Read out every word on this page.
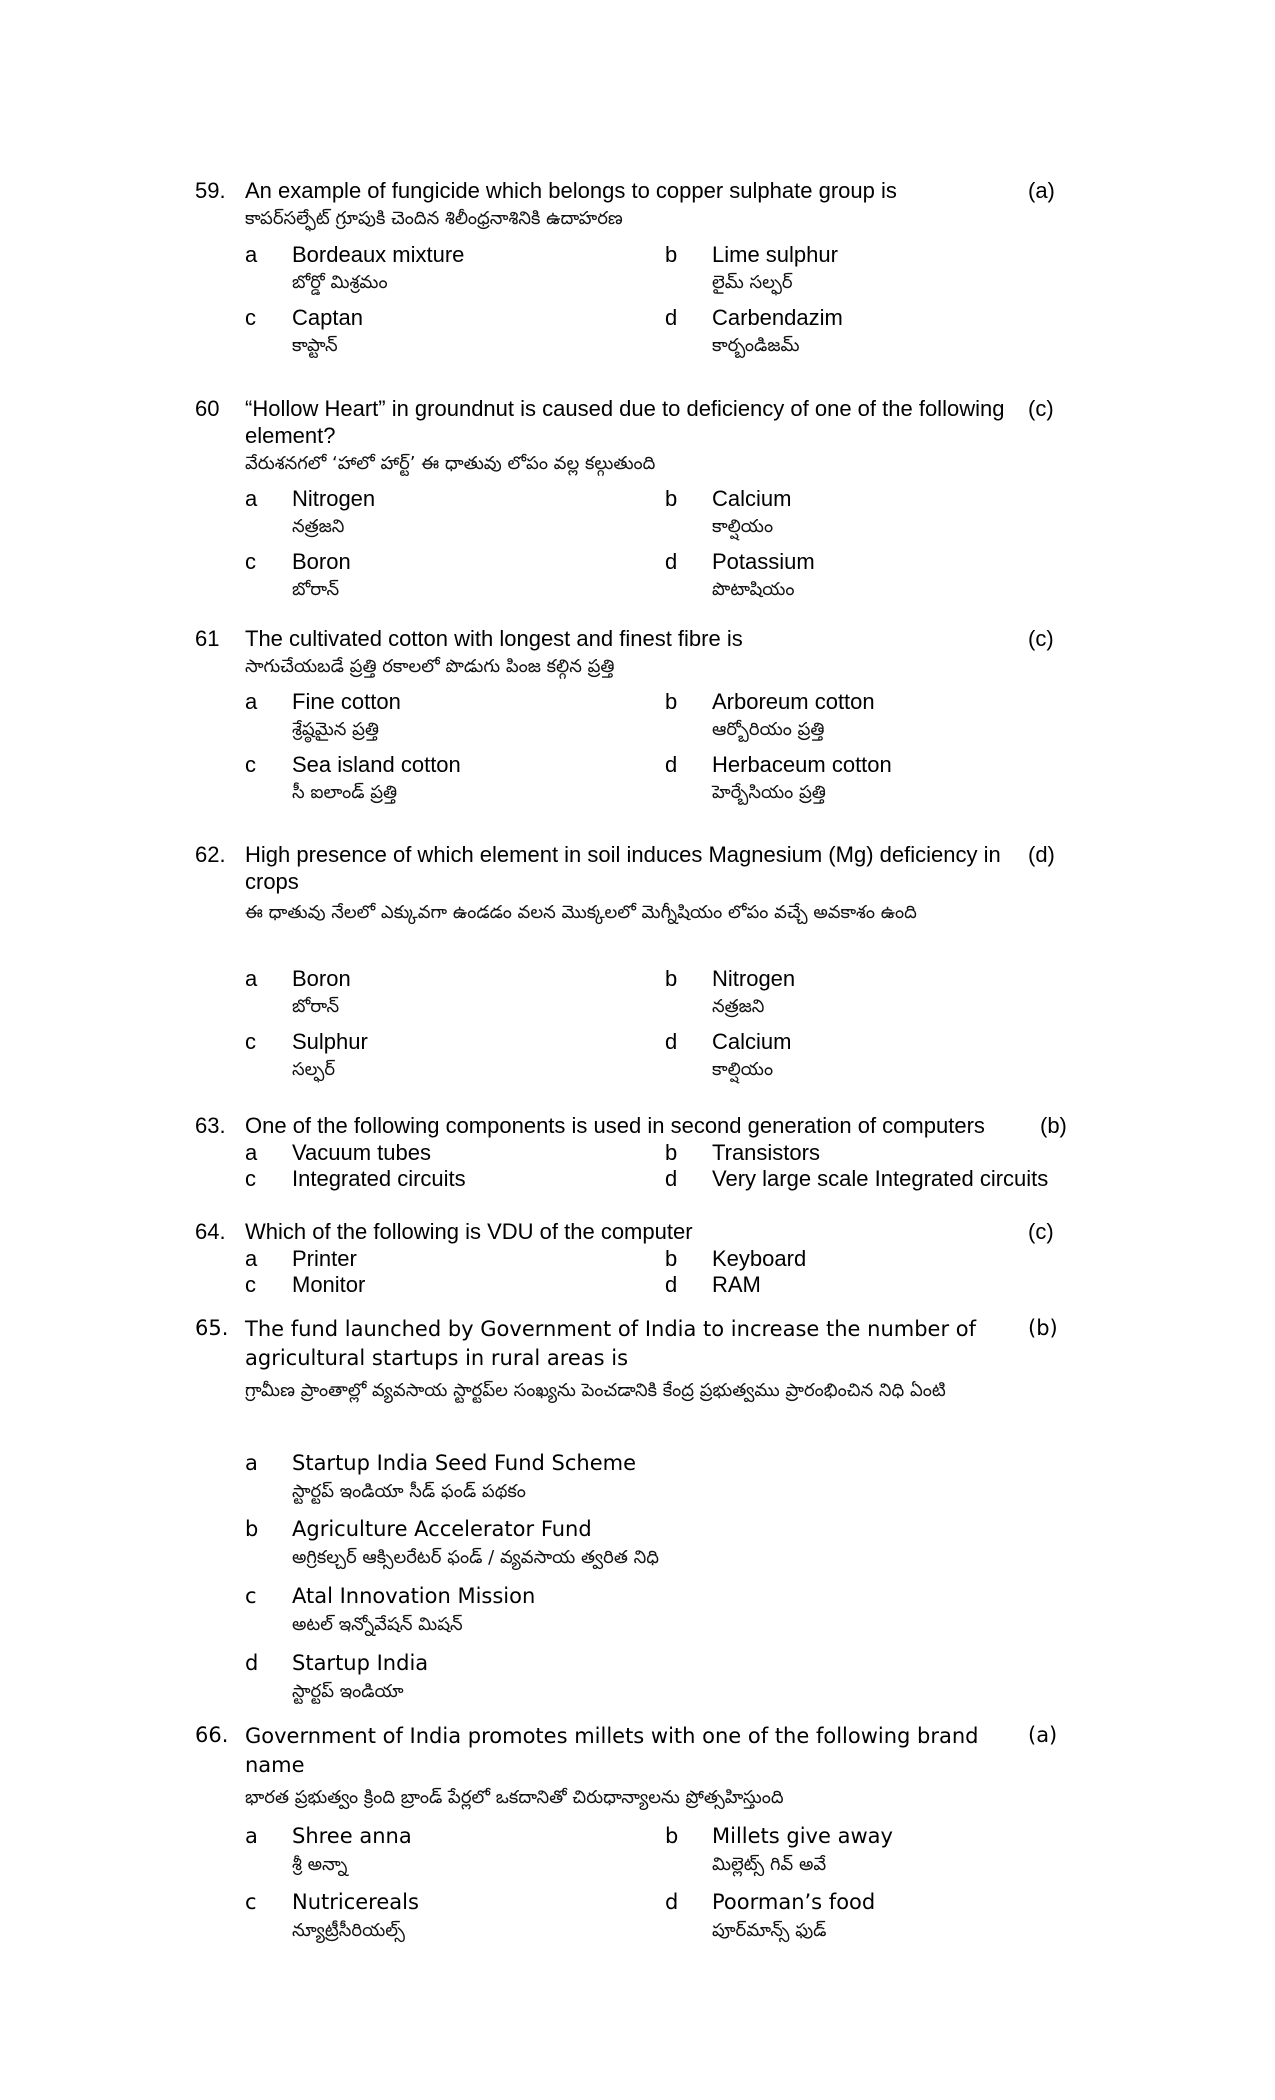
59. An example of fungicide which belongs to copper sulphate group is
కాపర్‌సల్ఫేట్ గ్రూపుకి చెందిన శిలీంధ్రనాశినికి ఉదాహరణ
(a)
a Bordeaux mixture
బోర్డో మిశ్రమం
b Lime sulphur
లైమ్ సల్ఫర్
c Captan
కాప్టాన్
d Carbendazim
కార్బండిజమ్
60 “Hollow Heart” in groundnut is caused due to deficiency of one of the following element?
వేరుశనగలో ‘హాలో హార్ట్’ ఈ ధాతువు లోపం వల్ల కల్గుతుంది
(c)
a Nitrogen
నత్రజని
b Calcium
కాల్షియం
c Boron
బోరాన్
d Potassium
పొటాషియం
61 The cultivated cotton with longest and finest fibre is
సాగుచేయబడే ప్రత్తి రకాలలో పొడుగు పింజ కల్గిన ప్రత్తి
(c)
a Fine cotton
శ్రేష్ఠమైన ప్రత్తి
b Arboreum cotton
ఆర్బోరియం ప్రత్తి
c Sea island cotton
సీ ఐలాండ్ ప్రత్తి
d Herbaceum cotton
హెర్బేసియం ప్రత్తి
62. High presence of which element in soil induces Magnesium (Mg) deficiency in crops
ఈ ధాతువు నేలలో ఎక్కువగా ఉండడం వలన మొక్కలలో మెగ్నీషియం లోపం వచ్చే అవకాశం ఉంది
(d)
a Boron
బోరాన్
b Nitrogen
నత్రజని
c Sulphur
సల్ఫర్
d Calcium
కాల్షియం
63. One of the following components is used in second generation of computers	(b)
a Vacuum tubes	b Transistors
c Integrated circuits	d Very large scale Integrated circuits
64. Which of the following is VDU of the computer	(c)
a Printer	b Keyboard
c Monitor	d RAM
65. The fund launched by Government of India to increase the number of agricultural startups in rural areas is
గ్రామీణ ప్రాంతాల్లో వ్యవసాయ స్టార్టప్‌ల సంఖ్యను పెంచడానికి కేంద్ర ప్రభుత్వము ప్రారంభించిన నిధి ఏంటి
(b)
a Startup India Seed Fund Scheme
స్టార్టప్ ఇండియా సీడ్ ఫండ్ పథకం
b Agriculture Accelerator Fund
అగ్రికల్చర్ ఆక్సిలరేటర్ ఫండ్ / వ్యవసాయ త్వరిత నిధి
c Atal Innovation Mission
అటల్ ఇన్నోవేషన్ మిషన్
d Startup India
స్టార్టప్ ఇండియా
66. Government of India promotes millets with one of the following brand name
భారత ప్రభుత్వం క్రింది బ్రాండ్ పేర్లలో ఒకదానితో చిరుధాన్యాలను ప్రోత్సహిస్తుంది
(a)
a Shree anna
శ్రీ అన్నా
b Millets give away
మిల్లెట్స్ గివ్ అవే
c Nutricereals
న్యూట్రీసీరియల్స్
d Poorman’s food
పూర్‌మాన్స్ ఫుడ్
